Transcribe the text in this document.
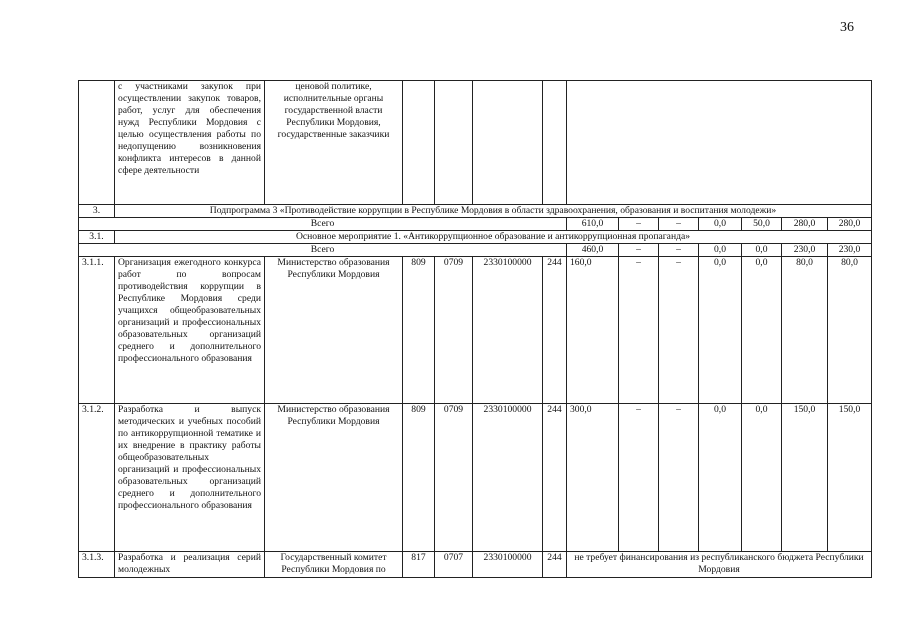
36
	с участниками закупок при осуществлении закупок товаров, работ, услуг для обеспечения нужд Республики Мордовия с целью осуществления работы по недопущению возникновения конфликта интересов в данной сфере деятельности	ценовой политике, исполнительные органы государственной власти Республики Мордовия, государственные заказчики											
3.	Подпрограмма 3 «Противодействие коррупции в Республике Мордовия в области здравоохранения, образования и воспитания молодежи»												
Всего							610,0	–	–	0,0	50,0	280,0	280,0
3.1.	Основное мероприятие 1. «Антикоррупционное образование и антикоррупционная пропаганда»												
Всего							460,0	–	–	0,0	0,0	230,0	230,0
3.1.1.	Организация ежегодного конкурса работ по вопросам противодействия коррупции в Республике Мордовия среди учащихся общеобразовательных организаций и профессиональных образовательных организаций среднего и дополнительного профессионального образования	Министерство образования Республики Мордовия	809	0709	2330100000	244	160,0	–	–	0,0	0,0	80,0	80,0
3.1.2.	Разработка и выпуск методических и учебных пособий по антикоррупционной тематике и их внедрение в практику работы общеобразовательных организаций и профессиональных образовательных организаций среднего и дополнительного профессионального образования	Министерство образования Республики Мордовия	809	0709	2330100000	244	300,0	–	–	0,0	0,0	150,0	150,0
3.1.3.	Разработка и реализация серий молодежных	Государственный комитет Республики Мордовия по	817	0707	2330100000	244	не требует финансирования из республиканского бюджета Республики Мордовия						
